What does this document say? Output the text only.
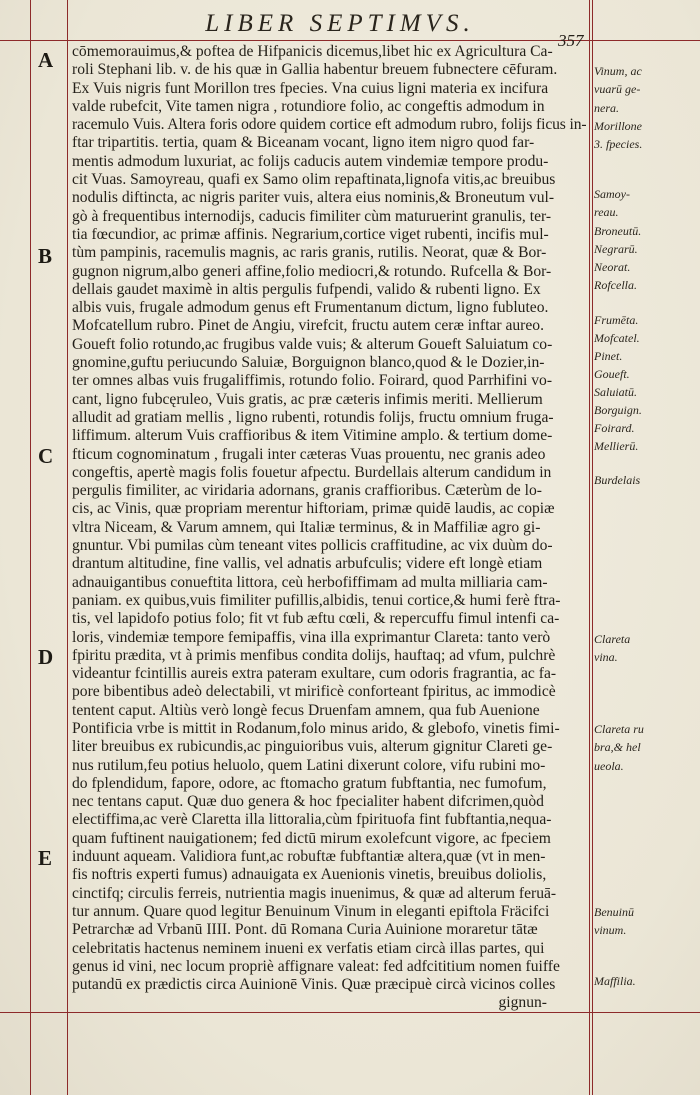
LIBER SEPTIMVS.
357
A
B
C
D
E
cōmemorauimus,& poftea de Hifpanicis dicemus,libet hic ex Agricultura Ca-
roli Stephani lib. v. de his quæ in Gallia habentur breuem fubnectere cēfuram.
Ex Vuis nigris funt Morillon tres fpecies. Vna cuius ligni materia ex incifura
valde rubefcit, Vite tamen nigra , rotundiore folio, ac congeftis admodum in
racemulo Vuis. Altera foris odore quidem cortice eft admodum rubro, folijs ficus in-
ftar tripartitis. tertia, quam & Biceanam vocant, ligno item nigro quod far-
mentis admodum luxuriat, ac folijs caducis autem vindemiæ tempore produ-
cit Vuas. Samoyreau, quafi ex Samo olim repaftinata,lignofa vitis,ac breuibus
nodulis diftincta, ac nigris pariter vuis, altera eius nominis,& Broneutum vul-
gò à frequentibus internodijs, caducis fimiliter cùm maturuerint granulis, ter-
tia fœcundior, ac primæ affinis. Negrarium,cortice viget rubenti, incifis mul-
tùm pampinis, racemulis magnis, ac raris granis, rutilis. Neorat, quæ & Bor-
gugnon nigrum,albo generi affine,folio mediocri,& rotundo. Rufcella & Bor-
dellais gaudet maximè in altis pergulis fufpendi, valido & rubenti ligno. Ex
albis vuis, frugale admodum genus eft Frumentanum dictum, ligno fubluteo.
Mofcatellum rubro. Pinet de Angiu, virefcit, fructu autem ceræ inftar aureo.
Goueft folio rotundo,ac frugibus valde vuis; & alterum Goueft Saluiatum co-
gnomine,guftu periucundo Saluiæ, Borguignon blanco,quod & le Dozier,in-
ter omnes albas vuis frugaliffimis, rotundo folio. Foirard, quod Parrhifini vo-
cant, ligno fubcęruleo, Vuis gratis, ac præ cæteris infimis meriti. Mellierum
alludit ad gratiam mellis , ligno rubenti, rotundis folijs, fructu omnium fruga-
liffimum. alterum Vuis craffioribus & item Vitimine amplo. & tertium dome-
fticum cognominatum , frugali inter cæteras Vuas prouentu, nec granis adeo
congeftis, apertè magis folis fouetur afpectu. Burdellais alterum candidum in
pergulis fimiliter, ac viridaria adornans, granis craffioribus. Cæterùm de lo-
cis, ac Vinis, quæ propriam merentur hiftoriam, primæ quidē laudis, ac copiæ
vltra Niceam, & Varum amnem, qui Italiæ terminus, & in Maffiliæ agro gi-
gnuntur. Vbi pumilas cùm teneant vites pollicis craffitudine, ac vix duùm do-
drantum altitudine, fine vallis, vel adnatis arbufculis; videre eft longè etiam
adnauigantibus conueftita littora, ceù herbofiffimam ad multa milliaria cam-
paniam. ex quibus,vuis fimiliter pufillis,albidis, tenui cortice,& humi ferè ftra-
tis, vel lapidofo potius folo; fit vt fub æftu cœli, & repercuffu fimul intenfi ca-
loris, vindemiæ tempore femipaffis, vina illa exprimantur Clareta: tanto verò
fpiritu prædita, vt à primis menfibus condita dolijs, hauftaq; ad vfum, pulchrè
videantur fcintillis aureis extra pateram exultare, cum odoris fragrantia, ac fa-
pore bibentibus adeò delectabili, vt mirificè conforteant fpiritus, ac immodicè
tentent caput. Altiùs verò longè fecus Druenfam amnem, qua fub Auenione
Pontificia vrbe is mittit in Rodanum,folo minus arido, & glebofo, vinetis fimi-
liter breuibus ex rubicundis,ac pinguioribus vuis, alterum gignitur Clareti ge-
nus rutilum,feu potius heluolo, quem Latini dixerunt colore, vifu rubini mo-
do fplendidum, fapore, odore, ac ftomacho gratum fubftantia, nec fumofum,
nec tentans caput. Quæ duo genera & hoc fpecialiter habent difcrimen,quòd
electiffima,ac verè Claretta illa littoralia,cùm fpirituofa fint fubftantia,nequa-
quam fuftinent nauigationem; fed dictū mirum exolefcunt vigore, ac fpeciem
induunt aqueam. Validiora funt,ac robuftæ fubftantiæ altera,quæ (vt in men-
fis noftris experti fumus) adnauigata ex Auenionis vinetis, breuibus doliolis,
cinctifq; circulis ferreis, nutrientia magis inuenimus, & quæ ad alterum feruā-
tur annum. Quare quod legitur Benuinum Vinum in eleganti epiftola Fräcifci
Petrarchæ ad Vrbanū IIII. Pont. dū Romana Curia Auinione moraretur tātæ
celebritatis hactenus neminem inueni ex verfatis etiam circà illas partes, qui
genus id vini, nec locum propriè affignare valeat: fed adfcititium nomen fuiffe
putandū ex prædictis circa Auinionē Vinis. Quæ præcipuè circà vicinos colles
gignun-
Vinum, ac
vuarū ge-
nera.
Morillone
3. fpecies.
Samoy-
reau.
Broneutū.
Negrarū.
Neorat.
Rofcella.
Frumēta.
Mofcatel.
Pinet.
Goueft.
Saluiatū.
Borguign.
Foirard.
Mellierū.
Burdelais
Clareta
vina.
Clareta ru
bra,& hel
ueola.
Benuinū
vinum.
Maffilia.
